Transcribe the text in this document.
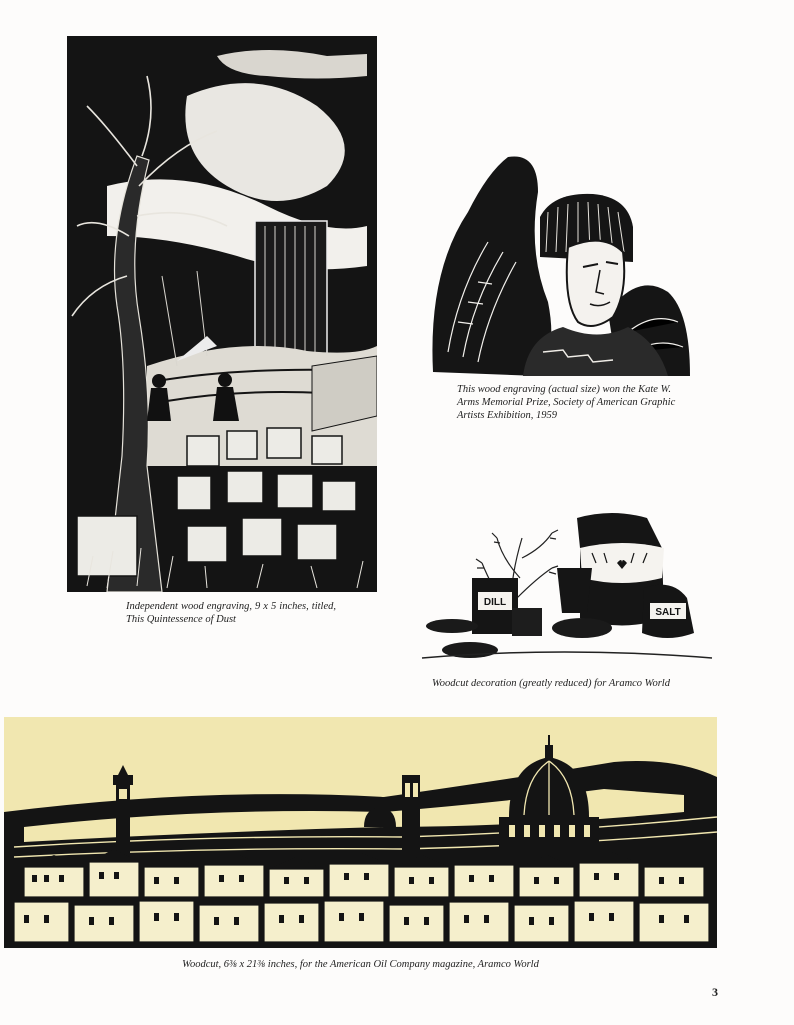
Independent wood engraving, 9 x 5 inches, titled, This Quintessence of Dust
This wood engraving (actual size) won the Kate W. Arms Memorial Prize, Society of American Graphic Artists Exhibition, 1959
DILL
SALT
Woodcut decoration (greatly reduced) for Aramco World
Woodcut, 6⅜ x 21⅜ inches, for the American Oil Company magazine, Aramco World
3
